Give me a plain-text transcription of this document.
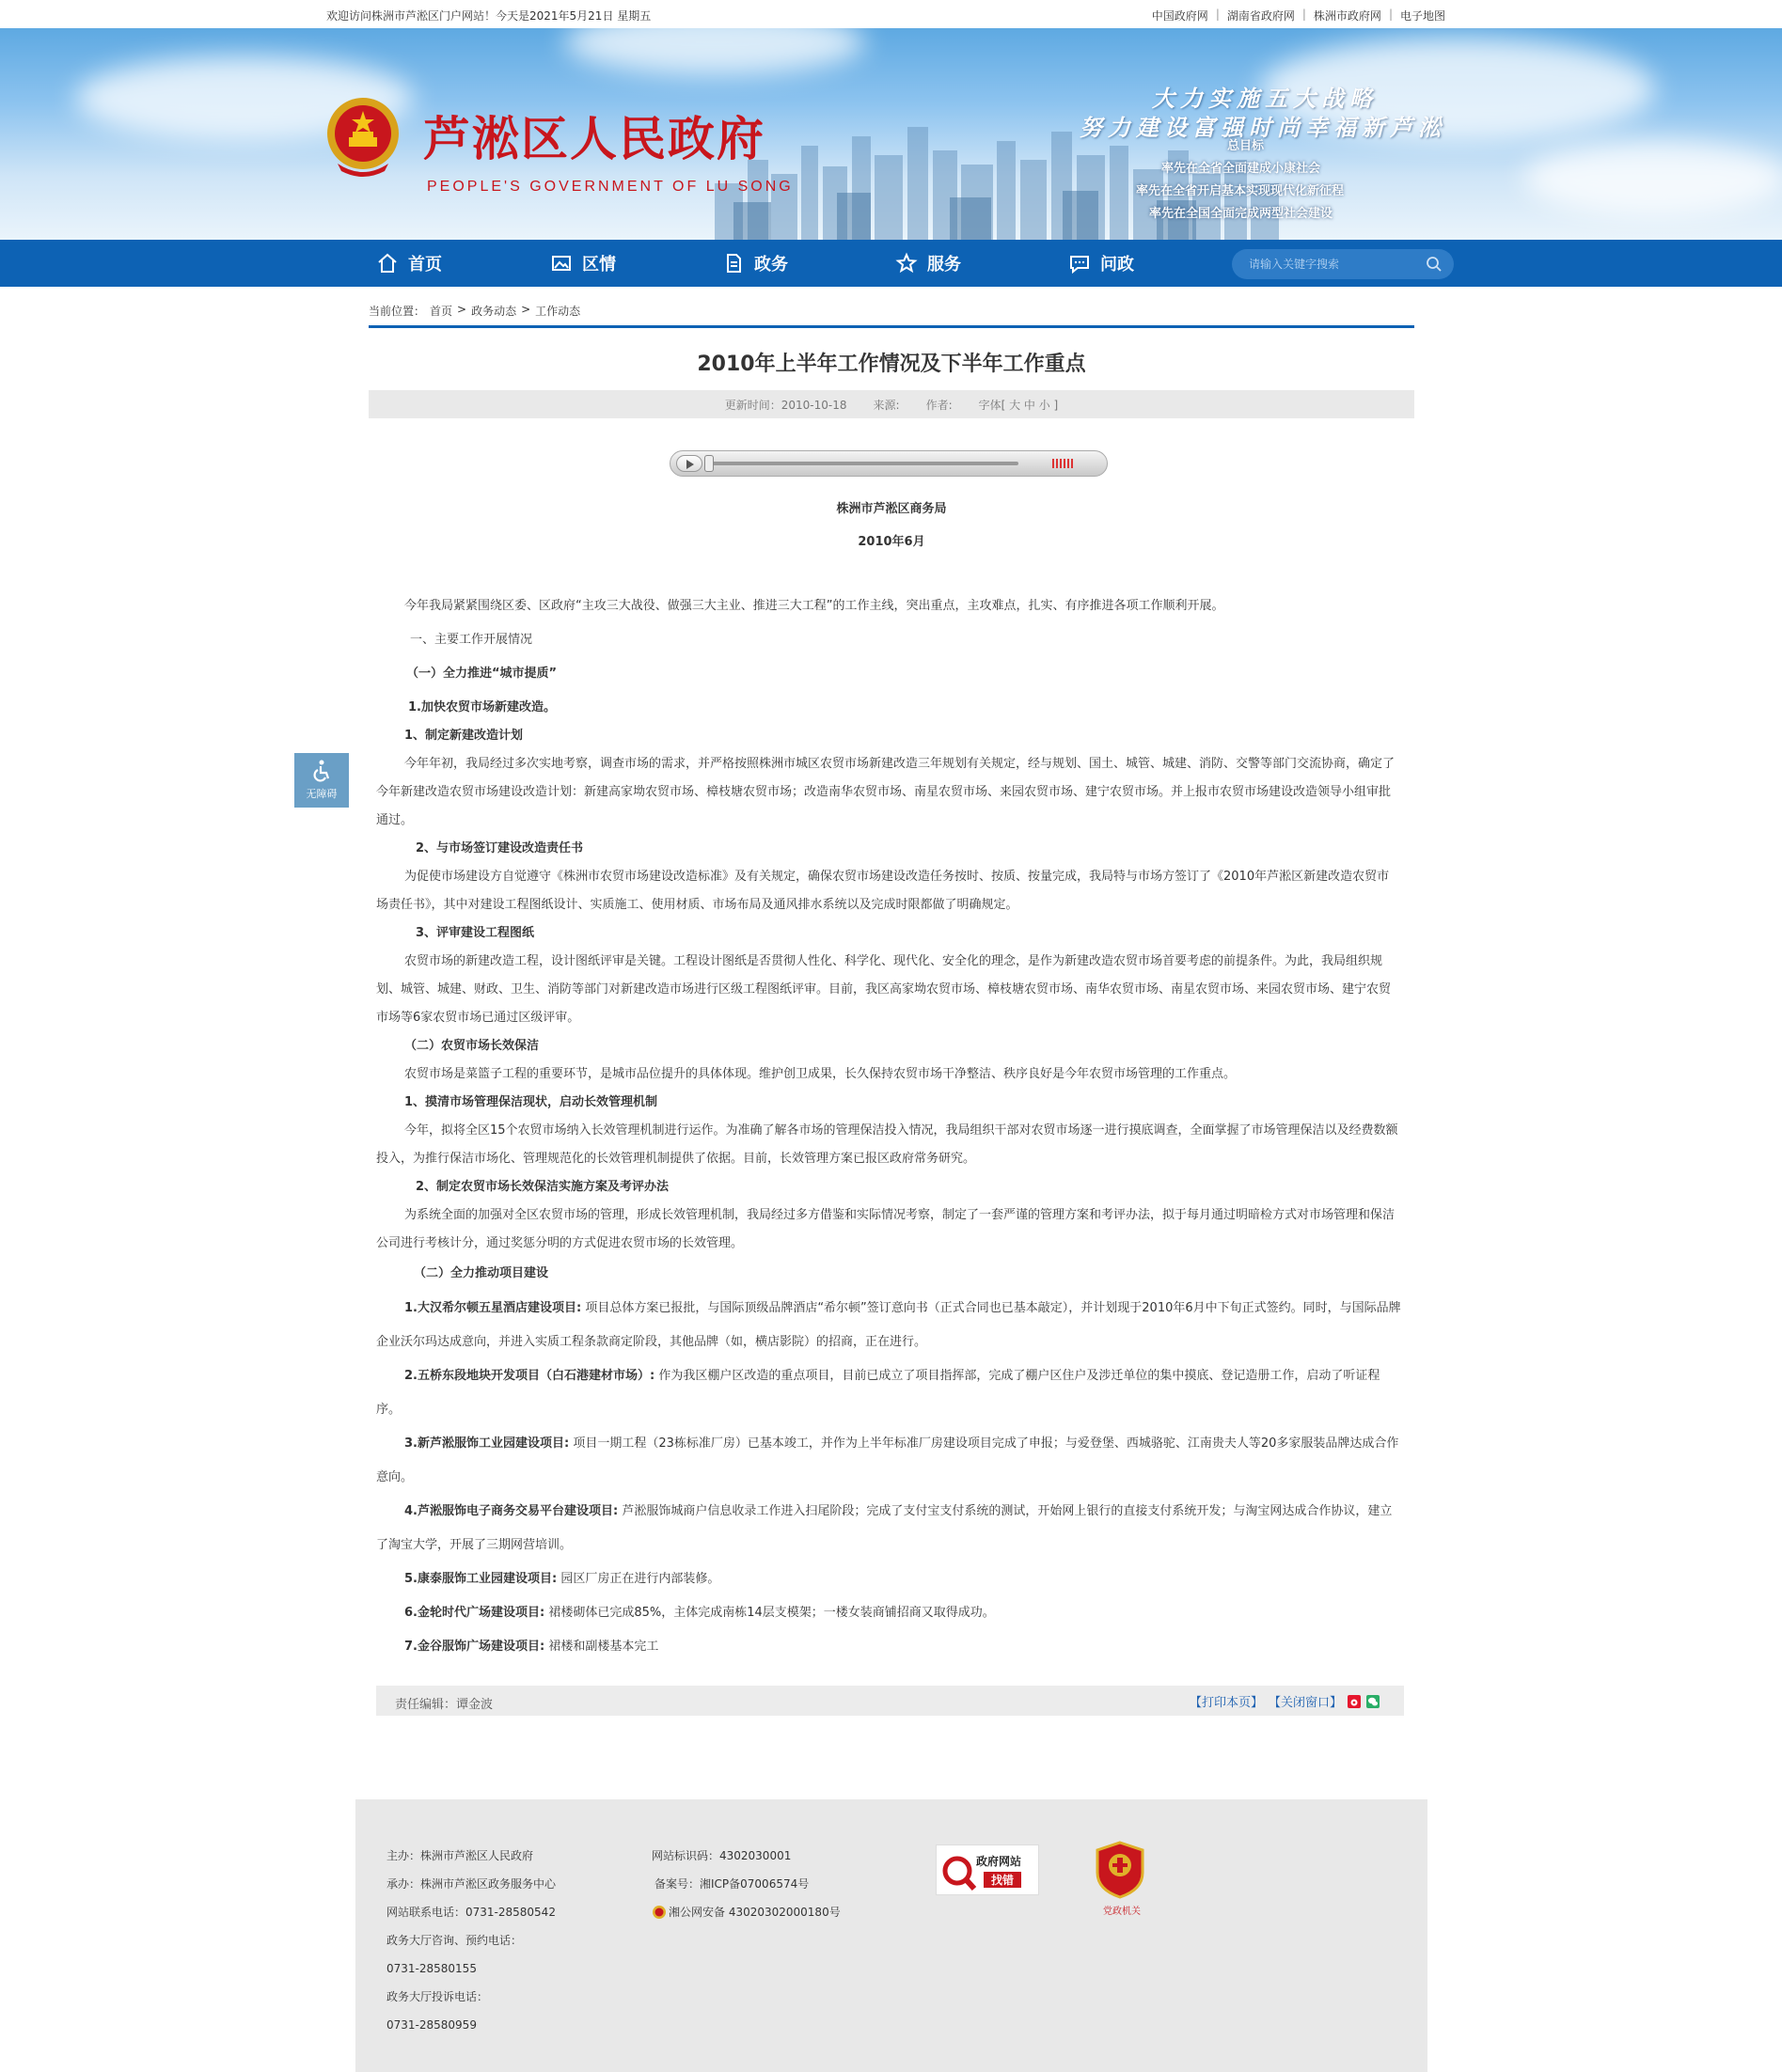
欢迎访问株洲市芦淞区门户网站！今天是2021年5月21日 星期五	中国政府网 | 湖南省政府网 | 株洲市政府网 | 电子地图
芦淞区人民政府
PEOPLE'S GOVERNMENT OF LU SONG
大力实施五大战略
努力建设富强时尚幸福新芦淞
总目标
率先在全省全面建成小康社会
率先在全省开启基本实现现代化新征程
率先在全国全面完成两型社会建设
首页	区情	政务	服务	问政
请输入关键字搜索
当前位置： 首页 > 政务动态 > 工作动态
2010年上半年工作情况及下半年工作重点
更新时间：2010-10-18 来源: 作者: 字体[ 大 中 小 ]
株洲市芦淞区商务局
2010年6月
无障碍

今年我局紧紧围绕区委、区政府“主攻三大战役、做强三大主业、推进三大工程”的工作主线，突出重点，主攻难点，扎实、有序推进各项工作顺利开展。

一、主要工作开展情况

（一）全力推进“城市提质”

1.加快农贸市场新建改造。

1、制定新建改造计划

今年年初，我局经过多次实地考察，调查市场的需求，并严格按照株洲市城区农贸市场新建改造三年规划有关规定，经与规划、国土、城管、城建、消防、交警等部门交流协商，确定了今年新建改造农贸市场建设改造计划：新建高家坳农贸市场、樟枝塘农贸市场；改造南华农贸市场、南星农贸市场、来园农贸市场、建宁农贸市场。并上报市农贸市场建设改造领导小组审批通过。

2、与市场签订建设改造责任书

为促使市场建设方自觉遵守《株洲市农贸市场建设改造标准》及有关规定，确保农贸市场建设改造任务按时、按质、按量完成，我局特与市场方签订了《2010年芦淞区新建改造农贸市场责任书》，其中对建设工程图纸设计、实质施工、使用材质、市场布局及通风排水系统以及完成时限都做了明确规定。

3、评审建设工程图纸

农贸市场的新建改造工程，设计图纸评审是关键。工程设计图纸是否贯彻人性化、科学化、现代化、安全化的理念，是作为新建改造农贸市场首要考虑的前提条件。为此，我局组织规划、城管、城建、财政、卫生、消防等部门对新建改造市场进行区级工程图纸评审。目前，我区高家坳农贸市场、樟枝塘农贸市场、南华农贸市场、南星农贸市场、来园农贸市场、建宁农贸市场等6家农贸市场已通过区级评审。

（二）农贸市场长效保洁

农贸市场是菜篮子工程的重要环节，是城市品位提升的具体体现。维护创卫成果，长久保持农贸市场干净整洁、秩序良好是今年农贸市场管理的工作重点。

1、摸清市场管理保洁现状，启动长效管理机制

今年，拟将全区15个农贸市场纳入长效管理机制进行运作。为准确了解各市场的管理保洁投入情况，我局组织干部对农贸市场逐一进行摸底调查，全面掌握了市场管理保洁以及经费数额投入，为推行保洁市场化、管理规范化的长效管理机制提供了依据。目前，长效管理方案已报区政府常务研究。

2、制定农贸市场长效保洁实施方案及考评办法

为系统全面的加强对全区农贸市场的管理，形成长效管理机制，我局经过多方借鉴和实际情况考察，制定了一套严谨的管理方案和考评办法，拟于每月通过明暗检方式对市场管理和保洁公司进行考核计分，通过奖惩分明的方式促进农贸市场的长效管理。

（二）全力推动项目建设

1.大汉希尔顿五星酒店建设项目: 项目总体方案已报批，与国际顶级品牌酒店“希尔顿”签订意向书（正式合同也已基本敲定），并计划现于2010年6月中下旬正式签约。同时，与国际品牌企业沃尔玛达成意向，并进入实质工程条款商定阶段，其他品牌（如，横店影院）的招商，正在进行。

2.五桥东段地块开发项目（白石港建材市场）: 作为我区棚户区改造的重点项目，目前已成立了项目指挥部，完成了棚户区住户及涉迁单位的集中摸底、登记造册工作，启动了听证程序。

3.新芦淞服饰工业园建设项目: 项目一期工程（23栋标准厂房）已基本竣工，并作为上半年标准厂房建设项目完成了申报；与爱登堡、西城骆驼、江南贵夫人等20多家服装品牌达成合作意向。

4.芦淞服饰电子商务交易平台建设项目: 芦淞服饰城商户信息收录工作进入扫尾阶段；完成了支付宝支付系统的测试，开始网上银行的直接支付系统开发；与淘宝网达成合作协议，建立了淘宝大学，开展了三期网营培训。

5.康泰服饰工业园建设项目: 园区厂房正在进行内部装修。

6.金轮时代广场建设项目: 裙楼砌体已完成85%，主体完成南栋14层支模架；一楼女装商铺招商又取得成功。

7.金谷服饰广场建设项目: 裙楼和副楼基本完工

责任编辑：谭金波	【打印本页】 【关闭窗口】
主办：株洲市芦淞区人民政府
承办：株洲市芦淞区政务服务中心
网站联系电话：0731-28580542
政务大厅咨询、预约电话：
0731-28580155
政务大厅投诉电话：
0731-28580959
网站标识码：4302030001
备案号：湘ICP备07006574号
湘公网安备 43020302000180号
政府网站
找错
党政机关
